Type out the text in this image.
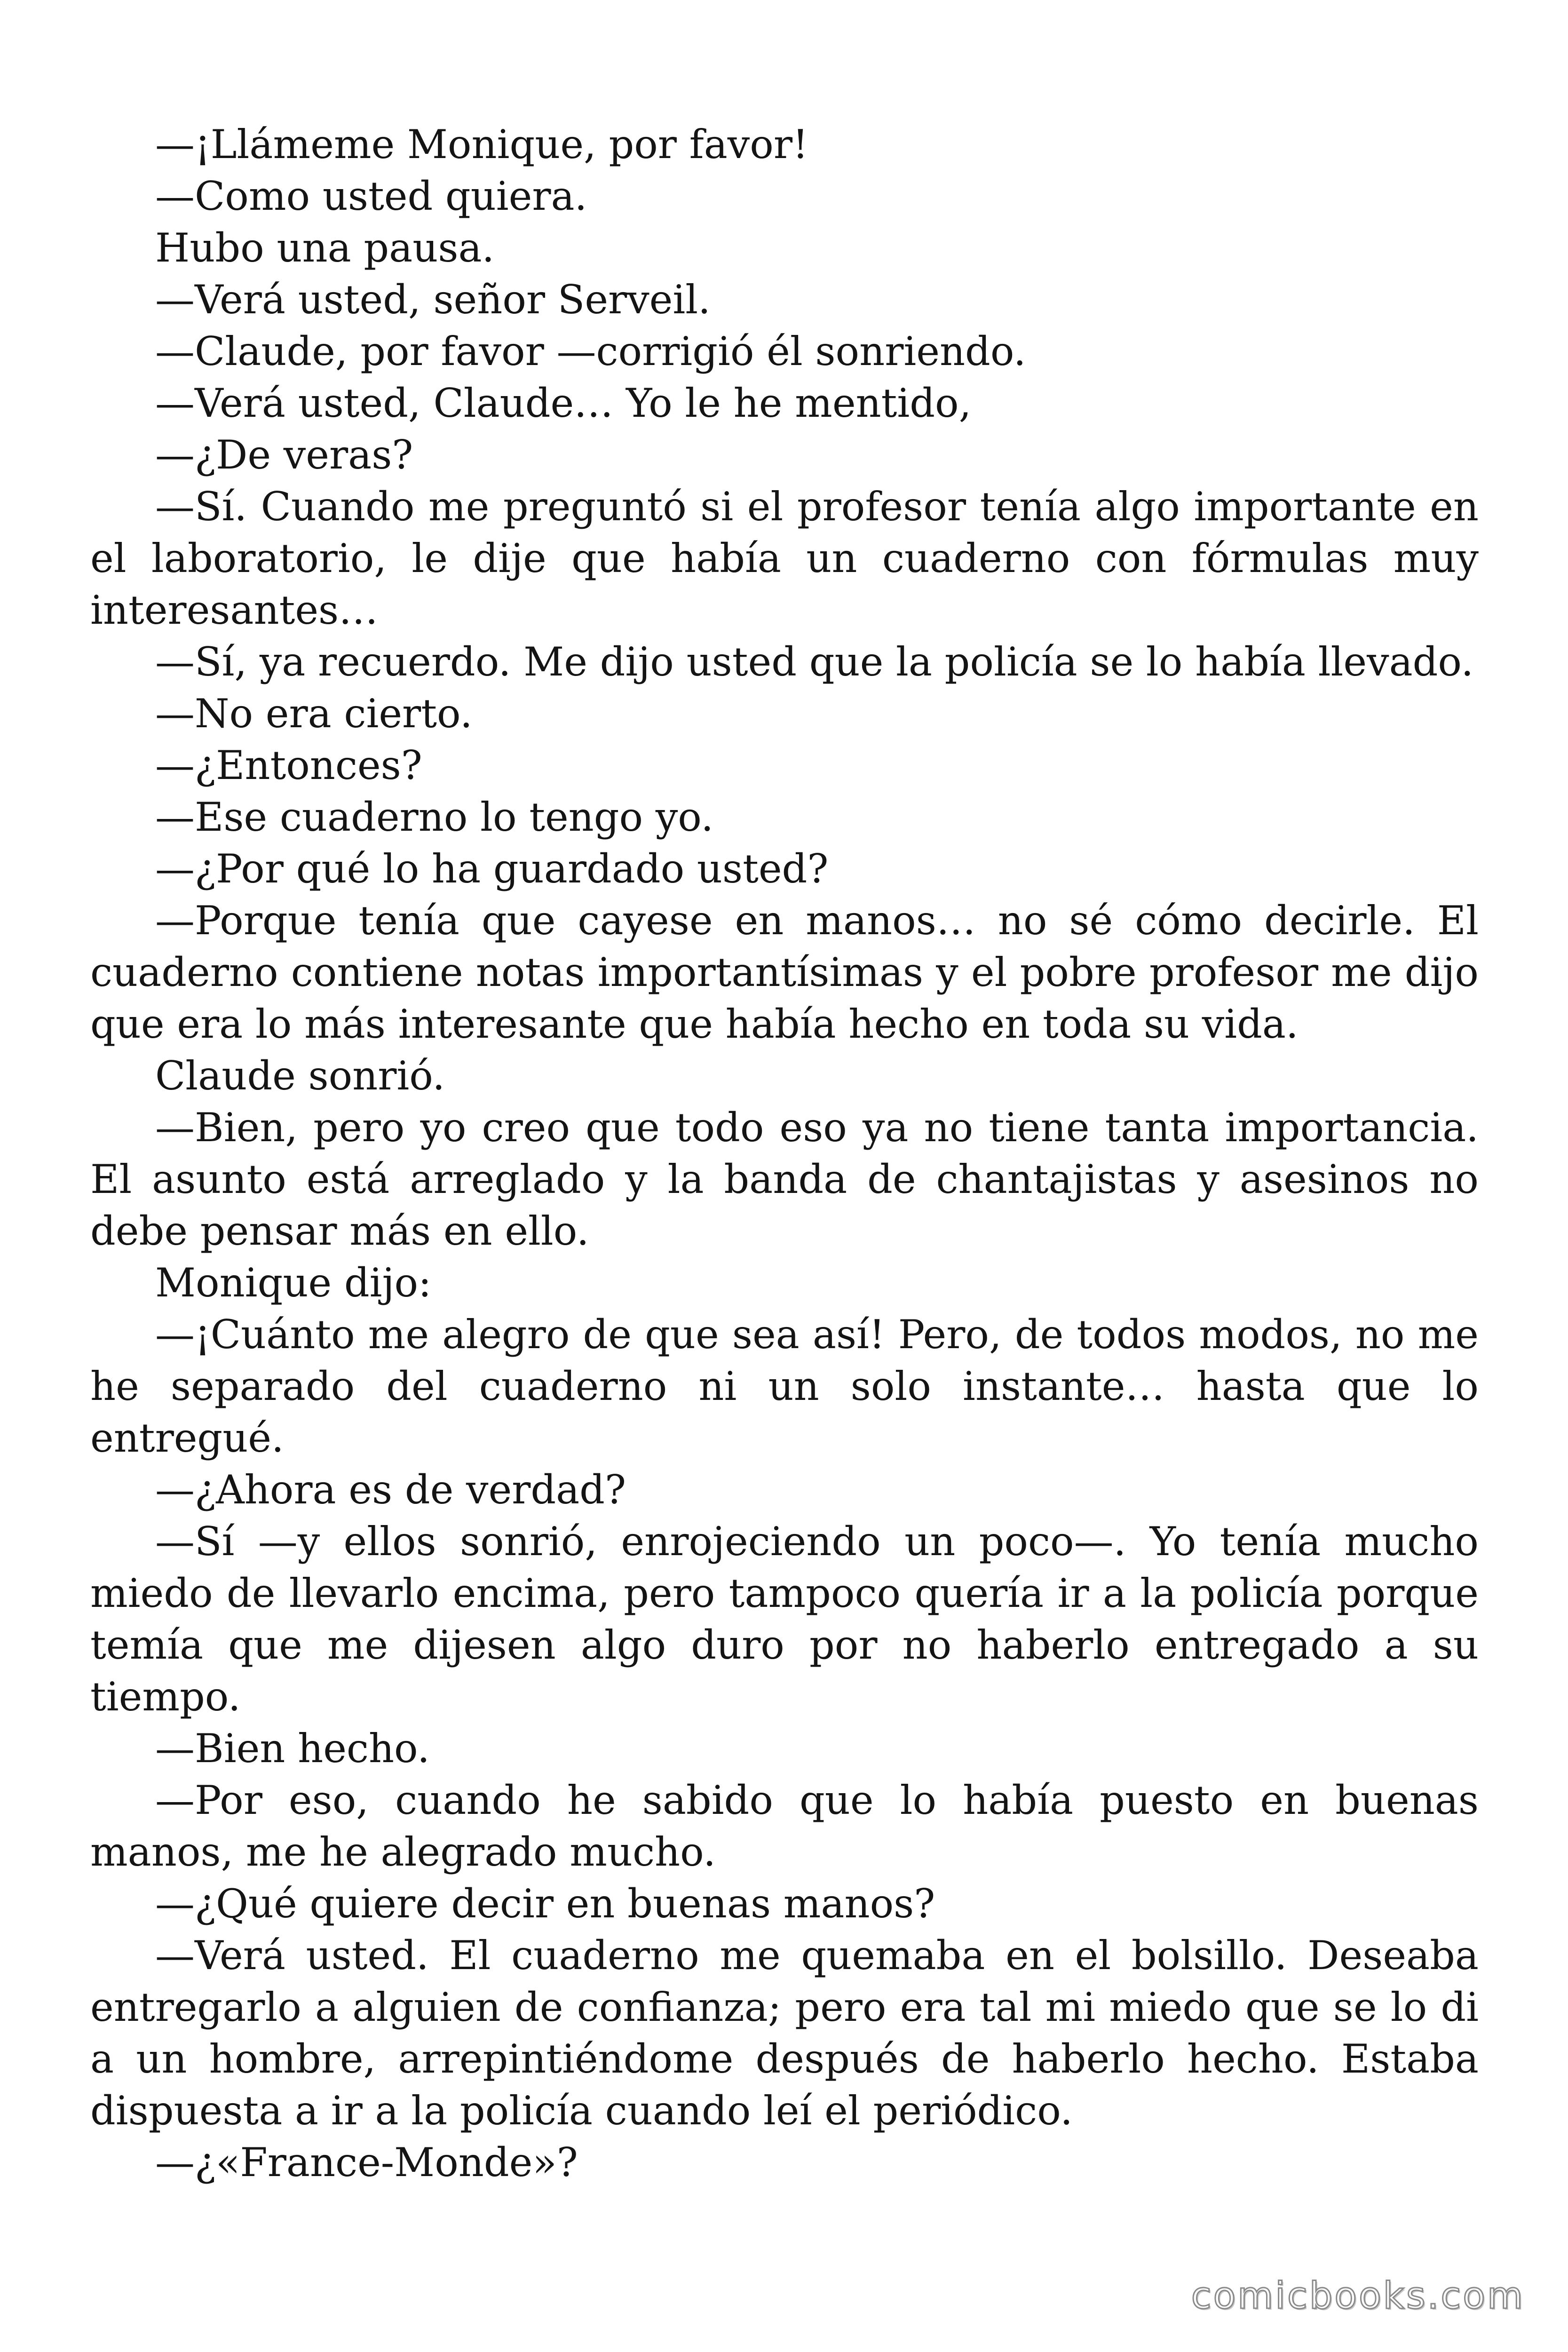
—¡Llámeme Monique, por favor!

—Como usted quiera.

Hubo una pausa.

—Verá usted, señor Serveil.

—Claude, por favor —corrigió él sonriendo.

—Verá usted, Claude… Yo le he mentido,

—¿De veras?

—Sí. Cuando me preguntó si el profesor tenía algo importante en el laboratorio, le dije que había un cuaderno con fórmulas muy interesantes…

—Sí, ya recuerdo. Me dijo usted que la policía se lo había llevado.

—No era cierto.

—¿Entonces?

—Ese cuaderno lo tengo yo.

—¿Por qué lo ha guardado usted?

—Porque tenía que cayese en manos… no sé cómo decirle. El cuaderno contiene notas importantísimas y el pobre profesor me dijo que era lo más interesante que había hecho en toda su vida.

Claude sonrió.

—Bien, pero yo creo que todo eso ya no tiene tanta importancia. El asunto está arreglado y la banda de chantajistas y asesinos no debe pensar más en ello.

Monique dijo:

—¡Cuánto me alegro de que sea así! Pero, de todos modos, no me he separado del cuaderno ni un solo instante… hasta que lo entregué.

—¿Ahora es de verdad?

—Sí —y ellos sonrió, enrojeciendo un poco—. Yo tenía mucho miedo de llevarlo encima, pero tampoco quería ir a la policía porque temía que me dijesen algo duro por no haberlo entregado a su tiempo.

—Bien hecho.

—Por eso, cuando he sabido que lo había puesto en buenas manos, me he alegrado mucho.

—¿Qué quiere decir en buenas manos?

—Verá usted. El cuaderno me quemaba en el bolsillo. Deseaba entregarlo a alguien de confianza; pero era tal mi miedo que se lo di a un hombre, arrepintiéndome después de haberlo hecho. Estaba dispuesta a ir a la policía cuando leí el periódico.

—¿«France-Monde»?

comicbooks.com
